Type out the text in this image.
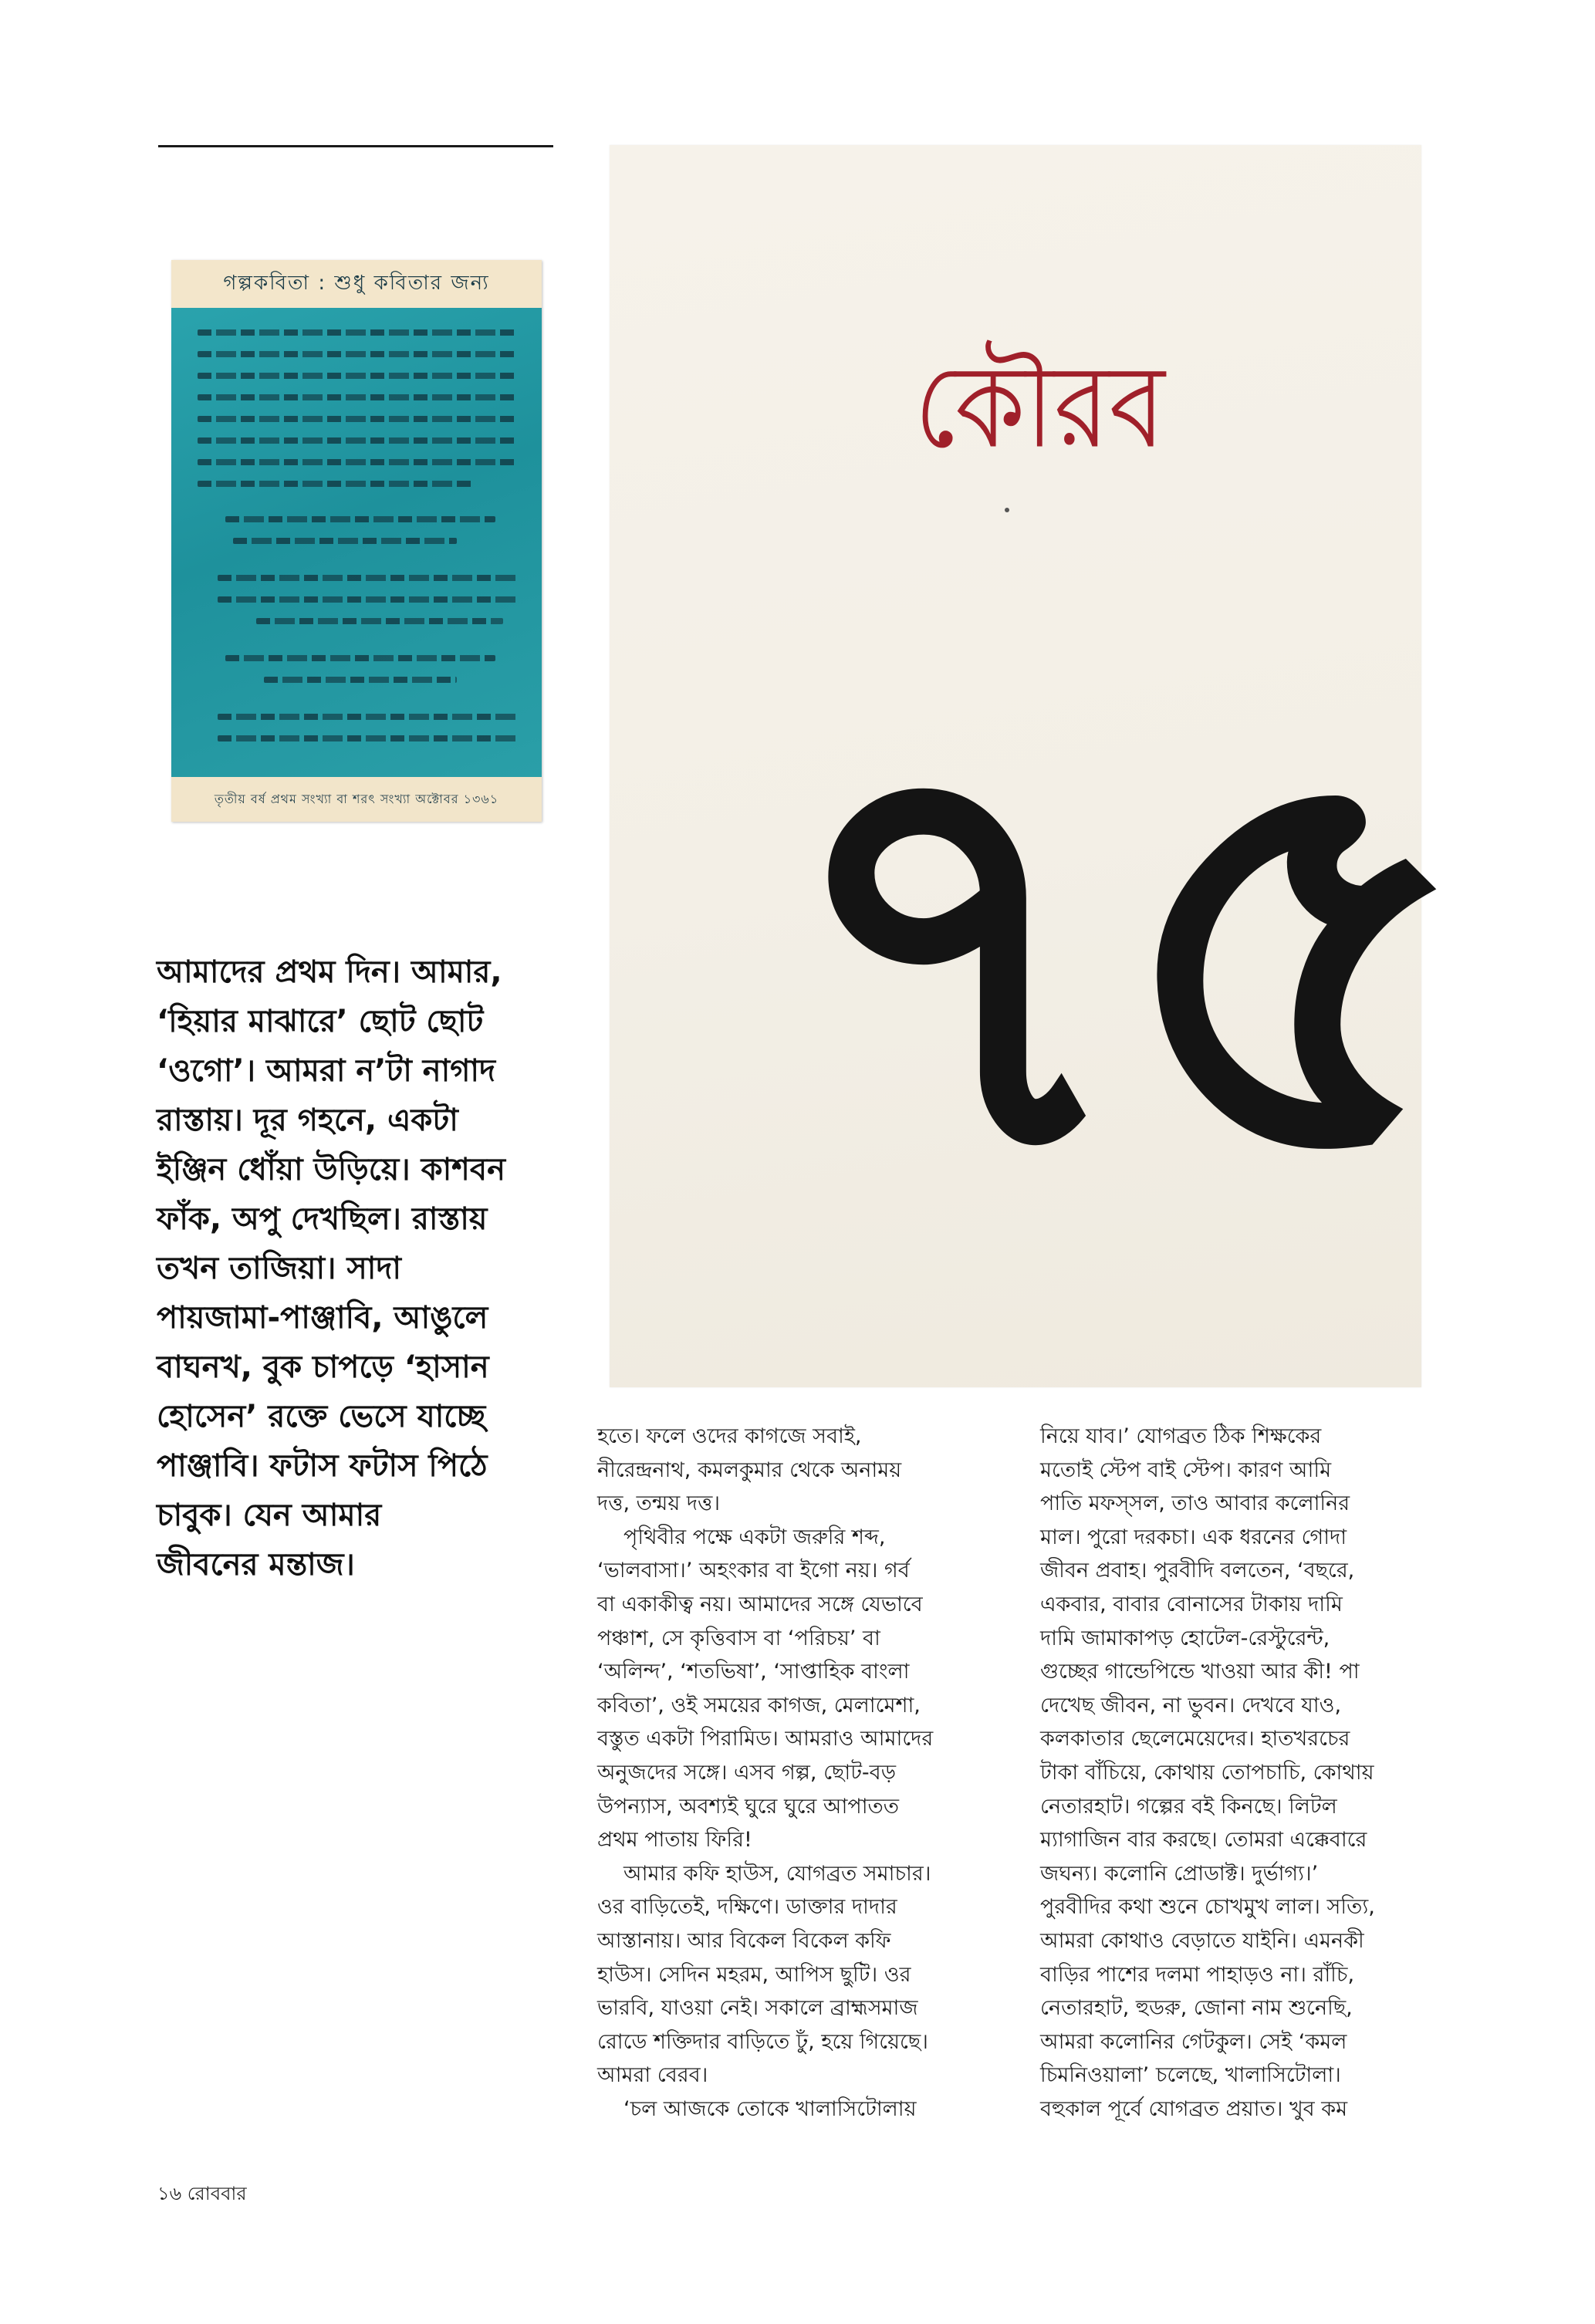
গল্পকবিতা : শুধু কবিতার জন্য
তৃতীয় বর্ষ প্রথম সংখ্যা বা শরৎ সংখ্যা অক্টোবর ১৩৬১
আমাদের প্রথম দিন। আমার,
‘হিয়ার মাঝারে’ ছোট ছোট
‘ওগো’। আমরা ন’টা নাগাদ
রাস্তায়। দূর গহনে, একটা
ইঞ্জিন ধোঁয়া উড়িয়ে। কাশবন
ফাঁক, অপু দেখছিল। রাস্তায়
তখন তাজিয়া। সাদা
পায়জামা-পাঞ্জাবি, আঙুলে
বাঘনখ, বুক চাপড়ে ‘হাসান
হোসেন’ রক্তে ভেসে যাচ্ছে
পাঞ্জাবি। ফটাস ফটাস পিঠে
চাবুক। যেন আমার
জীবনের মন্তাজ।
কৌরব
৭৫
হতে। ফলে ওদের কাগজে সবাই,
নীরেন্দ্রনাথ, কমলকুমার থেকে অনাময়
দত্ত, তন্ময় দত্ত।
পৃথিবীর পক্ষে একটা জরুরি শব্দ,
‘ভালবাসা।’ অহংকার বা ইগো নয়। গর্ব
বা একাকীত্ব নয়। আমাদের সঙ্গে যেভাবে
পঞ্চাশ, সে কৃত্তিবাস বা ‘পরিচয়’ বা
‘অলিন্দ’, ‘শতভিষা’, ‘সাপ্তাহিক বাংলা
কবিতা’, ওই সময়ের কাগজ, মেলামেশা,
বস্তুত একটা পিরামিড। আমরাও আমাদের
অনুজদের সঙ্গে। এসব গল্প, ছোট-বড়
উপন্যাস, অবশ্যই ঘুরে ঘুরে আপাতত
প্রথম পাতায় ফিরি!
আমার কফি হাউস, যোগব্রত সমাচার।
ওর বাড়িতেই, দক্ষিণে। ডাক্তার দাদার
আস্তানায়। আর বিকেল বিকেল কফি
হাউস। সেদিন মহরম, আপিস ছুটি। ওর
ভারবি, যাওয়া নেই। সকালে ব্রাহ্মসমাজ
রোডে শক্তিদার বাড়িতে ঢুঁ, হয়ে গিয়েছে।
আমরা বেরব।
‘চল আজকে তোকে খালাসিটোলায়
নিয়ে যাব।’ যোগব্রত ঠিক শিক্ষকের
মতোই স্টেপ বাই স্টেপ। কারণ আমি
পাতি মফস্সল, তাও আবার কলোনির
মাল। পুরো দরকচা। এক ধরনের গোদা
জীবন প্রবাহ। পুরবীদি বলতেন, ‘বছরে,
একবার, বাবার বোনাসের টাকায় দামি
দামি জামাকাপড় হোটেল-রেস্টুরেন্ট,
গুচ্ছের গান্ডেপিন্ডে খাওয়া আর কী! পা
দেখেছ জীবন, না ভুবন। দেখবে যাও,
কলকাতার ছেলেমেয়েদের। হাতখরচের
টাকা বাঁচিয়ে, কোথায় তোপচাচি, কোথায়
নেতারহাট। গল্পের বই কিনছে। লিটল
ম্যাগাজিন বার করছে। তোমরা এক্কেবারে
জঘন্য। কলোনি প্রোডাক্ট। দুর্ভাগ্য।’
পুরবীদির কথা শুনে চোখমুখ লাল। সত্যি,
আমরা কোথাও বেড়াতে যাইনি। এমনকী
বাড়ির পাশের দলমা পাহাড়ও না। রাঁচি,
নেতারহাট, হুডরু, জোনা নাম শুনেছি,
আমরা কলোনির গেটকুল। সেই ‘কমল
চিমনিওয়ালা’ চলেছে, খালাসিটোলা।
বহুকাল পূর্বে যোগব্রত প্রয়াত। খুব কম
১৬ রোববার
